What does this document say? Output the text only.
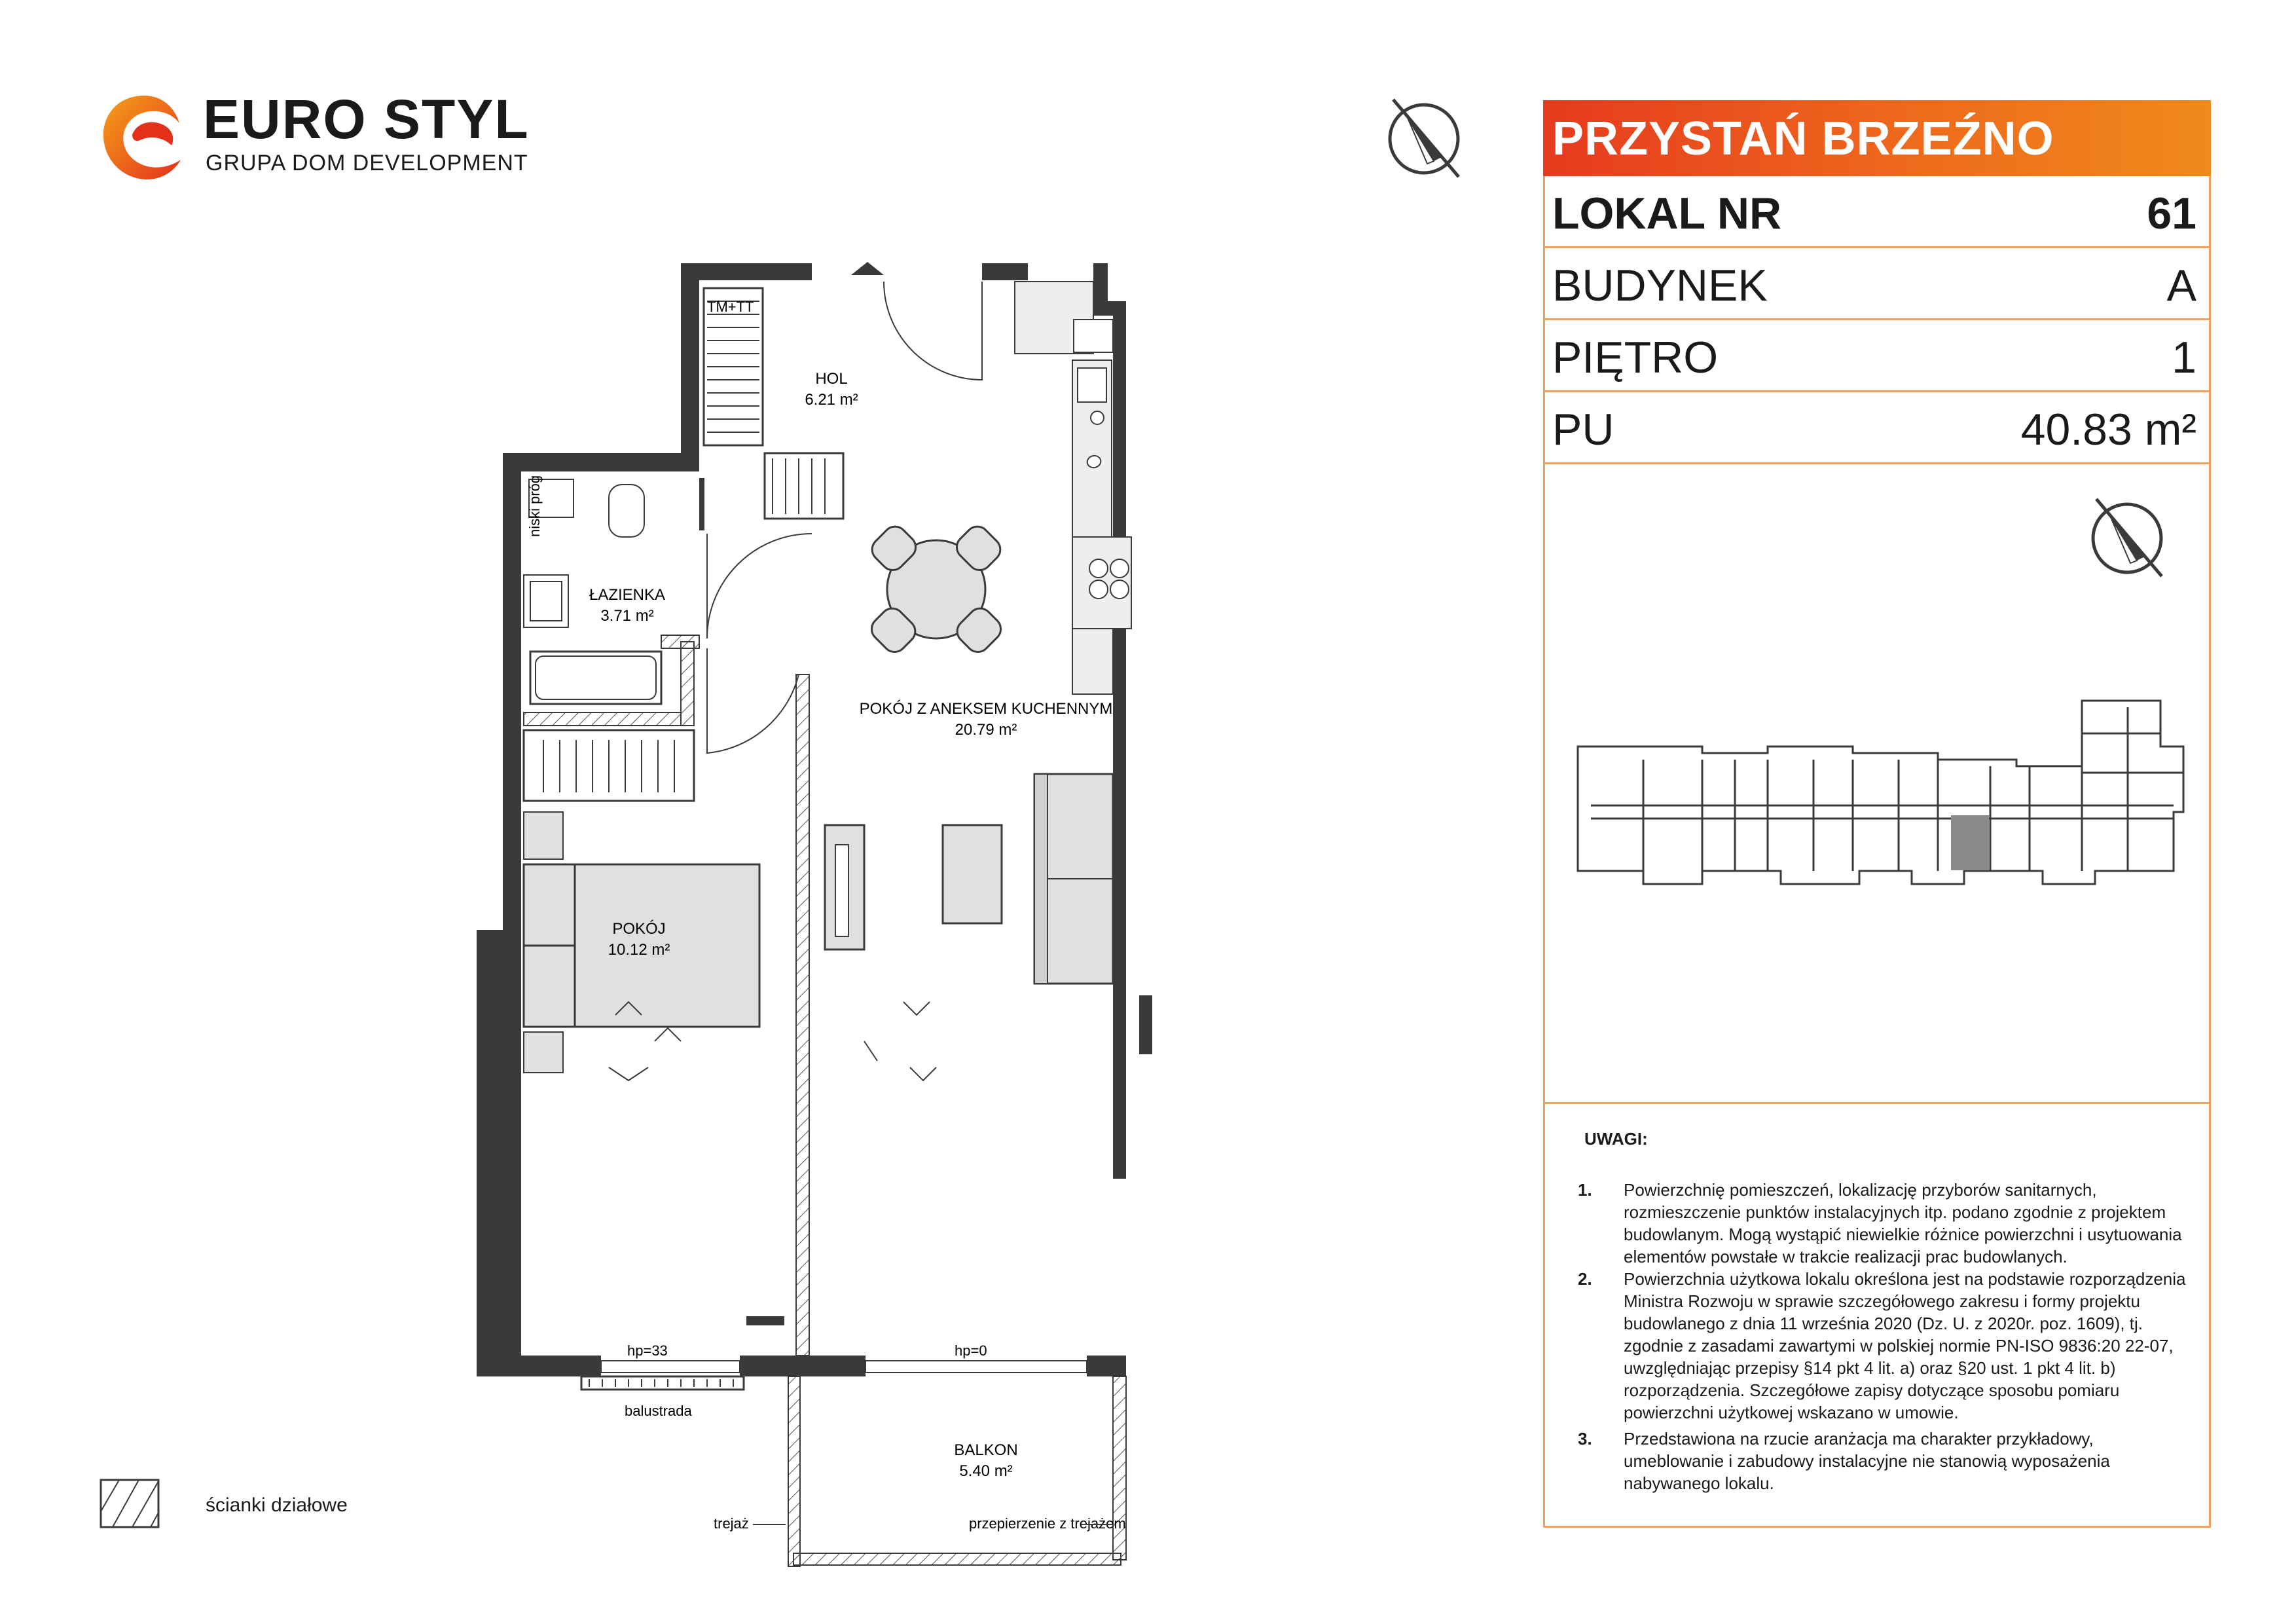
EURO STYL
GRUPA DOM DEVELOPMENT
TM+TT
niski próg
hp=33	hp=0
balustrada
trejaż	przepierzenie z trejażem
HOL
6.21 m²
ŁAZIENKA
3.71 m²
POKÓJ Z ANEKSEM KUCHENNYM
20.79 m²
POKÓJ
10.12 m²
BALKON
5.40 m²
PRZYSTAŃ BRZEŹNO
LOKAL NR	61
BUDYNEK	A
PIĘTRO	1
PU	40.83 m²
UWAGI:
1. Powierzchnię pomieszczeń, lokalizację przyborów sanitarnych,
rozmieszczenie punktów instalacyjnych itp. podano zgodnie z projektem
budowlanym. Mogą wystąpić niewielkie różnice powierzchni i usytuowania
elementów powstałe w trakcie realizacji prac budowlanych.
2. Powierzchnia użytkowa lokalu określona jest na podstawie rozporządzenia
Ministra Rozwoju w sprawie szczegółowego zakresu i formy projektu
budowlanego z dnia 11 września 2020 (Dz. U. z 2020r. poz. 1609), tj.
zgodnie z zasadami zawartymi w polskiej normie PN-ISO 9836:20 22-07,
uwzględniając przepisy §14 pkt 4 lit. a) oraz §20 ust. 1 pkt 4 lit. b)
rozporządzenia. Szczegółowe zapisy dotyczące sposobu pomiaru
powierzchni użytkowej wskazano w umowie.
3. Przedstawiona na rzucie aranżacja ma charakter przykładowy,
umeblowanie i zabudowy instalacyjne nie stanowią wyposażenia
nabywanego lokalu.
ścianki działowe
